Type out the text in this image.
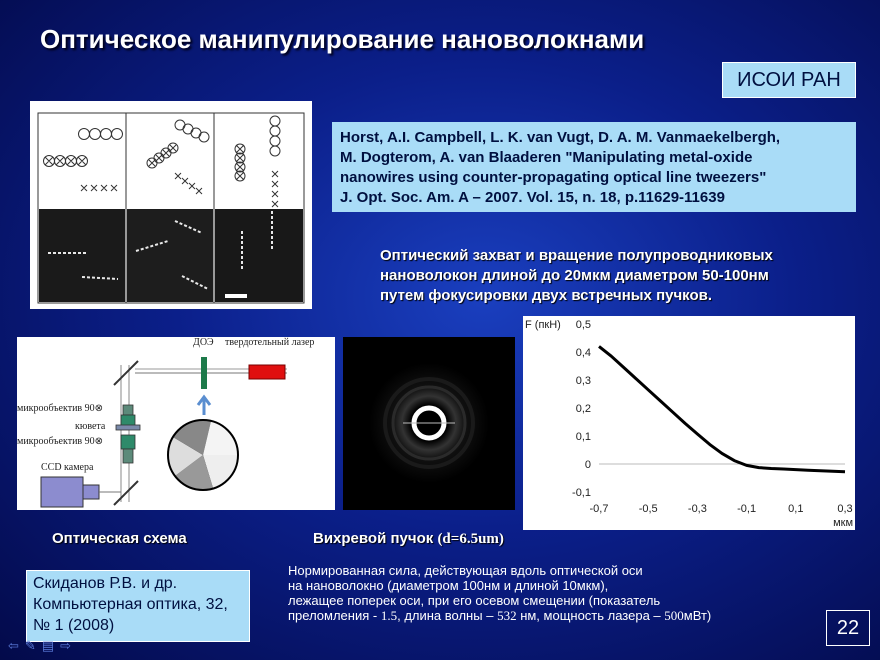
Оптическое манипулирование нановолокнами
ИСОИ РАН
Horst, A.I. Campbell, L. K. van Vugt, D. A. M. Vanmaekelbergh,
M. Dogterom, A. van Blaaderen "Manipulating metal-oxide
nanowires using counter-propagating optical line tweezers"
J. Opt. Soc. Am. A – 2007. Vol. 15, n. 18, p.11629-11639
Оптический захват и вращение полупроводниковых
нановолокон длиной до 20мкм диаметром 50-100нм
путем фокусировки двух встречных пучков.
ДОЭ твердотельный лазер
микрообъектив 90⊗
кювета
микрообъектив 90⊗
CCD камера
-0,1
0
0,1
0,2
0,3
0,4
0,5
-0,7	-0,5	-0,3	-0,1	0,1	0,3
F (пкН)
мкм
Оптическая схема	Вихревой пучок (d=6.5um)
Скиданов Р.В. и др.
Компьютерная оптика, 32,
№ 1 (2008)
Нормированная сила, действующая вдоль оптической оси
на нановолокно (диаметром 100нм и длиной 10мкм),
лежащее поперек оси, при его осевом смещении (показатель
преломления - 1.5, длина волны – 532 нм, мощность лазера – 500мВт)
22
⇦✎▤⇨
